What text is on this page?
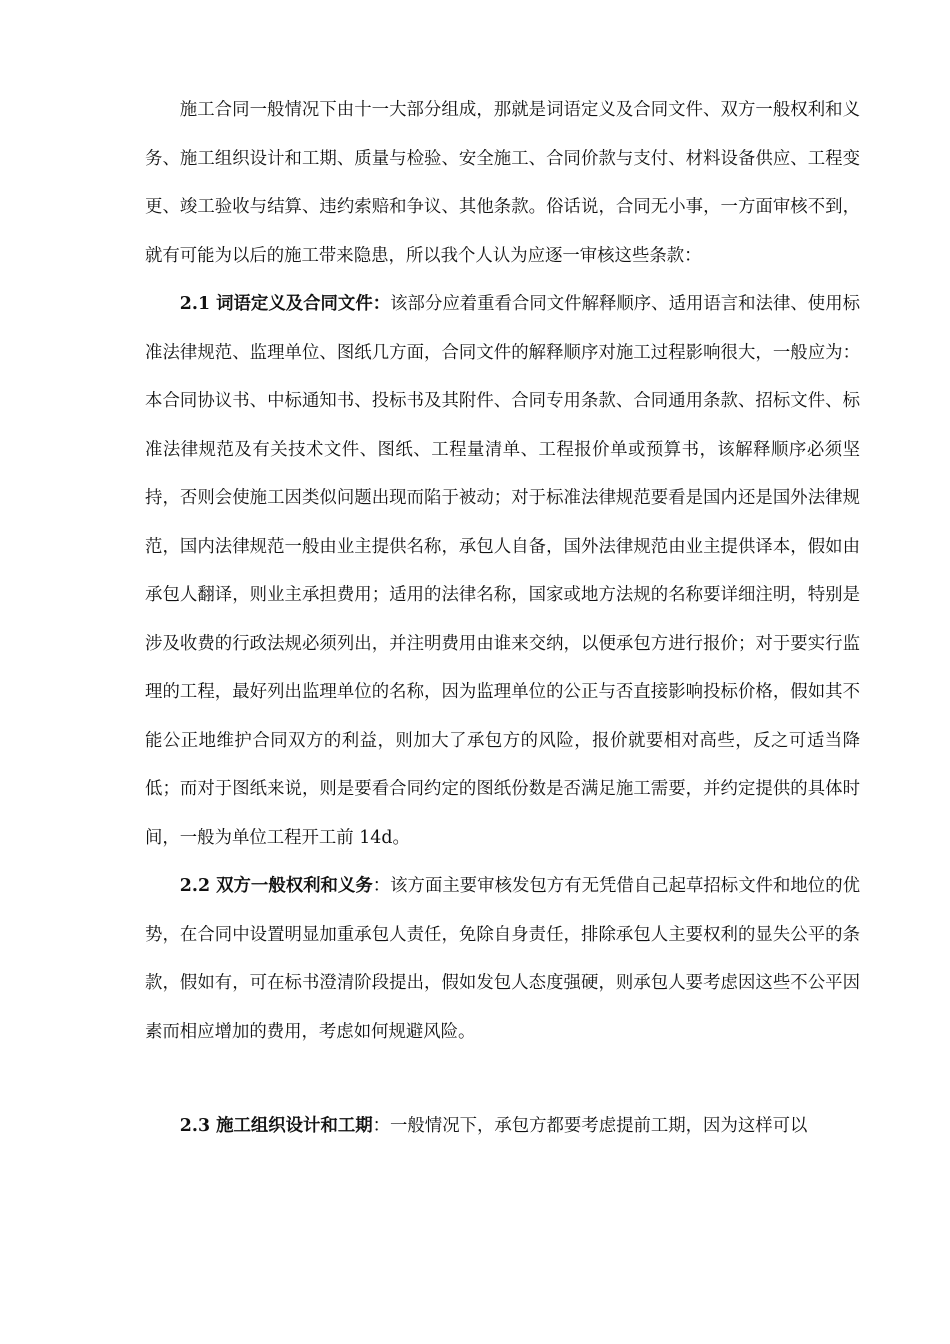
施工合同一般情况下由十一大部分组成，那就是词语定义及合同文件、双方一般权利和义务、施工组织设计和工期、质量与检验、安全施工、合同价款与支付、材料设备供应、工程变更、竣工验收与结算、违约索赔和争议、其他条款。俗话说，合同无小事，一方面审核不到，就有可能为以后的施工带来隐患，所以我个人认为应逐一审核这些条款：

2.1 词语定义及合同文件：该部分应着重看合同文件解释顺序、适用语言和法律、使用标准法律规范、监理单位、图纸几方面，合同文件的解释顺序对施工过程影响很大，一般应为：本合同协议书、中标通知书、投标书及其附件、合同专用条款、合同通用条款、招标文件、标准法律规范及有关技术文件、图纸、工程量清单、工程报价单或预算书，该解释顺序必须坚持，否则会使施工因类似问题出现而陷于被动；对于标准法律规范要看是国内还是国外法律规范，国内法律规范一般由业主提供名称，承包人自备，国外法律规范由业主提供译本，假如由承包人翻译，则业主承担费用；适用的法律名称，国家或地方法规的名称要详细注明，特别是涉及收费的行政法规必须列出，并注明费用由谁来交纳，以便承包方进行报价；对于要实行监理的工程，最好列出监理单位的名称，因为监理单位的公正与否直接影响投标价格，假如其不能公正地维护合同双方的利益，则加大了承包方的风险，报价就要相对高些，反之可适当降低；而对于图纸来说，则是要看合同约定的图纸份数是否满足施工需要，并约定提供的具体时间，一般为单位工程开工前 14d。

2.2 双方一般权利和义务：该方面主要审核发包方有无凭借自己起草招标文件和地位的优势，在合同中设置明显加重承包人责任，免除自身责任，排除承包人主要权利的显失公平的条款，假如有，可在标书澄清阶段提出，假如发包人态度强硬，则承包人要考虑因这些不公平因素而相应增加的费用，考虑如何规避风险。

2.3 施工组织设计和工期：一般情况下，承包方都要考虑提前工期，因为这样可以
